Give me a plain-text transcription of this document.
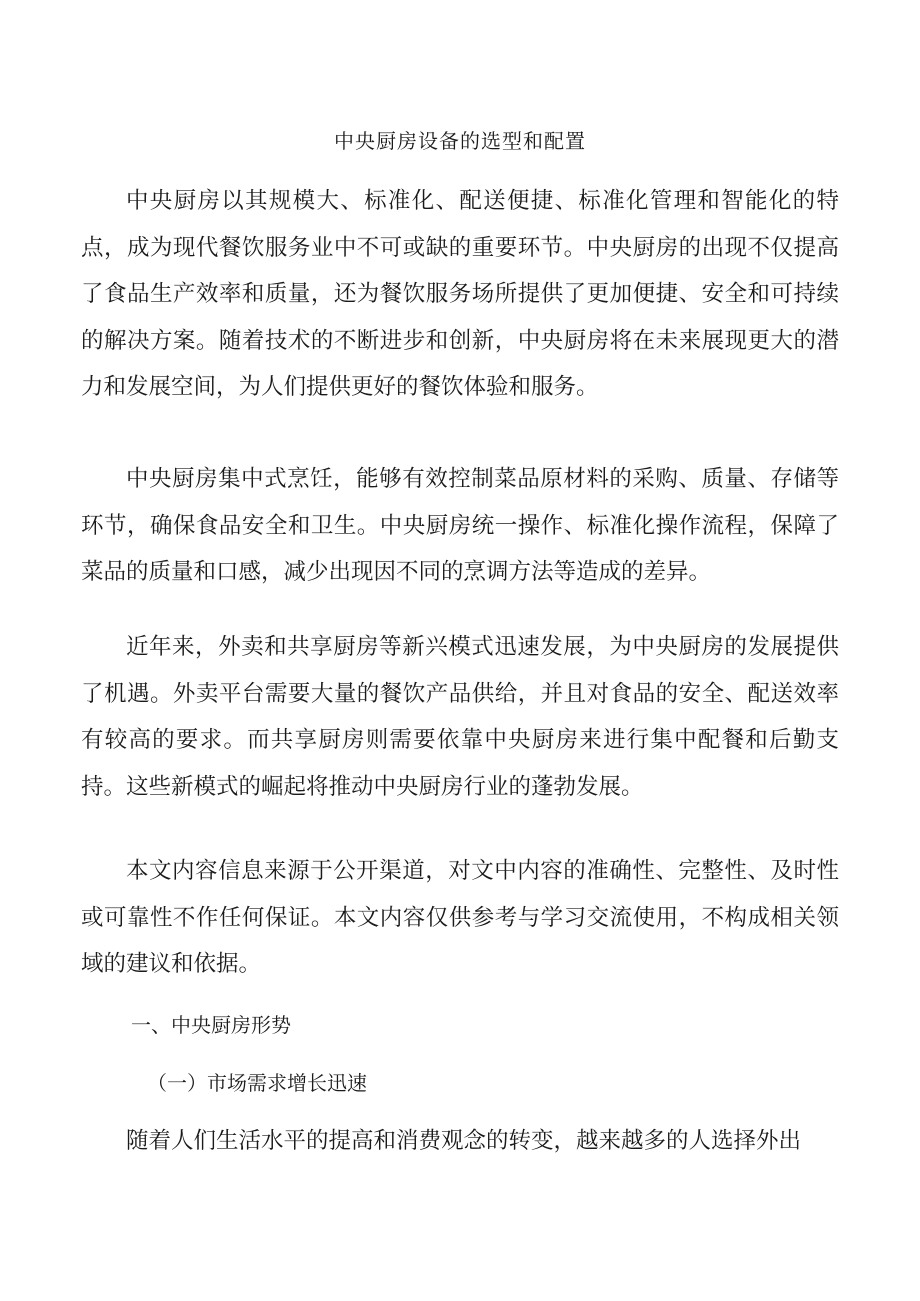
中央厨房设备的选型和配置

中央厨房以其规模大、标准化、配送便捷、标准化管理和智能化的特点，成为现代餐饮服务业中不可或缺的重要环节。中央厨房的出现不仅提高了食品生产效率和质量，还为餐饮服务场所提供了更加便捷、安全和可持续的解决方案。随着技术的不断进步和创新，中央厨房将在未来展现更大的潜力和发展空间，为人们提供更好的餐饮体验和服务。

中央厨房集中式烹饪，能够有效控制菜品原材料的采购、质量、存储等环节，确保食品安全和卫生。中央厨房统一操作、标准化操作流程，保障了菜品的质量和口感，减少出现因不同的烹调方法等造成的差异。

近年来，外卖和共享厨房等新兴模式迅速发展，为中央厨房的发展提供了机遇。外卖平台需要大量的餐饮产品供给，并且对食品的安全、配送效率有较高的要求。而共享厨房则需要依靠中央厨房来进行集中配餐和后勤支持。这些新模式的崛起将推动中央厨房行业的蓬勃发展。

本文内容信息来源于公开渠道，对文中内容的准确性、完整性、及时性或可靠性不作任何保证。本文内容仅供参考与学习交流使用，不构成相关领域的建议和依据。

一、中央厨房形势
（一）市场需求增长迅速

随着人们生活水平的提高和消费观念的转变，越来越多的人选择外出
